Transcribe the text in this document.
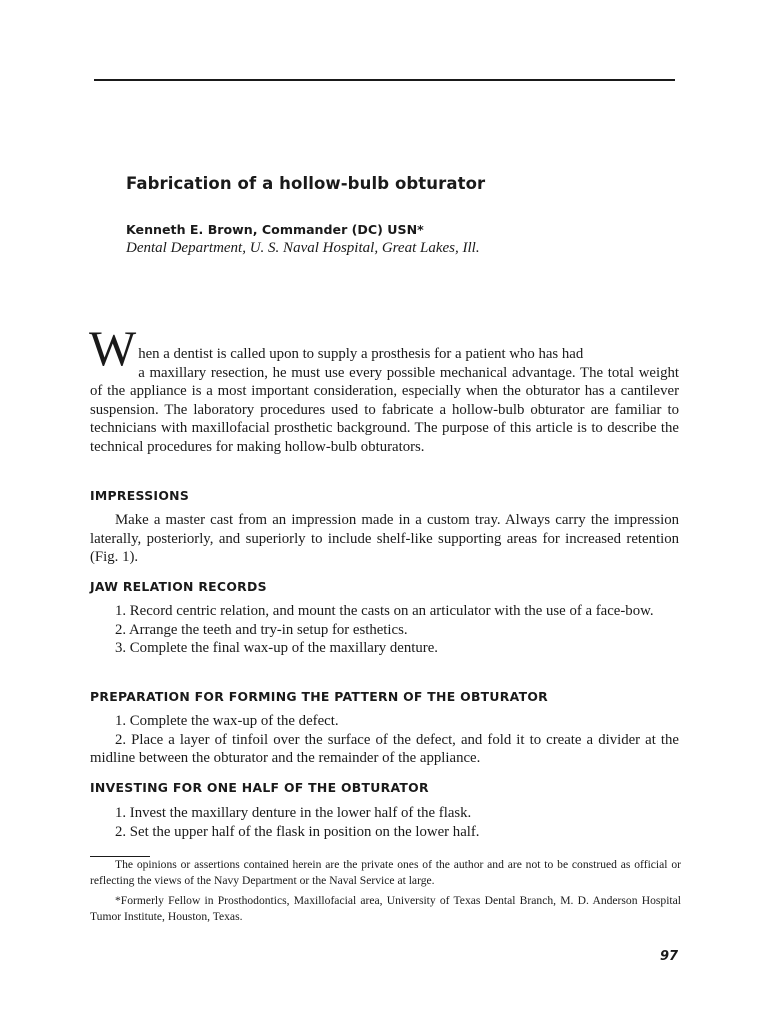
Fabrication of a hollow-bulb obturator
Kenneth E. Brown, Commander (DC) USN*
Dental Department, U. S. Naval Hospital, Great Lakes, Ill.
W hen a dentist is called upon to supply a prosthesis for a patient who has had
a maxillary resection, he must use every possible mechanical advantage. The total weight of the appliance is a most important consideration, especially when the obturator has a cantilever suspension. The laboratory procedures used to fabricate a hollow-bulb obturator are familiar to technicians with maxillofacial prosthetic background. The purpose of this article is to describe the technical procedures for making hollow-bulb obturators.
IMPRESSIONS

Make a master cast from an impression made in a custom tray. Always carry the impression laterally, posteriorly, and superiorly to include shelf-like supporting areas for increased retention (Fig. 1).

JAW RELATION RECORDS

1. Record centric relation, and mount the casts on an articulator with the use of a face-bow.

2. Arrange the teeth and try-in setup for esthetics.

3. Complete the final wax-up of the maxillary denture.

PREPARATION FOR FORMING THE PATTERN OF THE OBTURATOR

1. Complete the wax-up of the defect.

2. Place a layer of tinfoil over the surface of the defect, and fold it to create a divider at the midline between the obturator and the remainder of the appliance.

INVESTING FOR ONE HALF OF THE OBTURATOR

1. Invest the maxillary denture in the lower half of the flask.

2. Set the upper half of the flask in position on the lower half.

The opinions or assertions contained herein are the private ones of the author and are not to be construed as official or reflecting the views of the Navy Department or the Naval Service at large.

*Formerly Fellow in Prosthodontics, Maxillofacial area, University of Texas Dental Branch, M. D. Anderson Hospital Tumor Institute, Houston, Texas.

97
